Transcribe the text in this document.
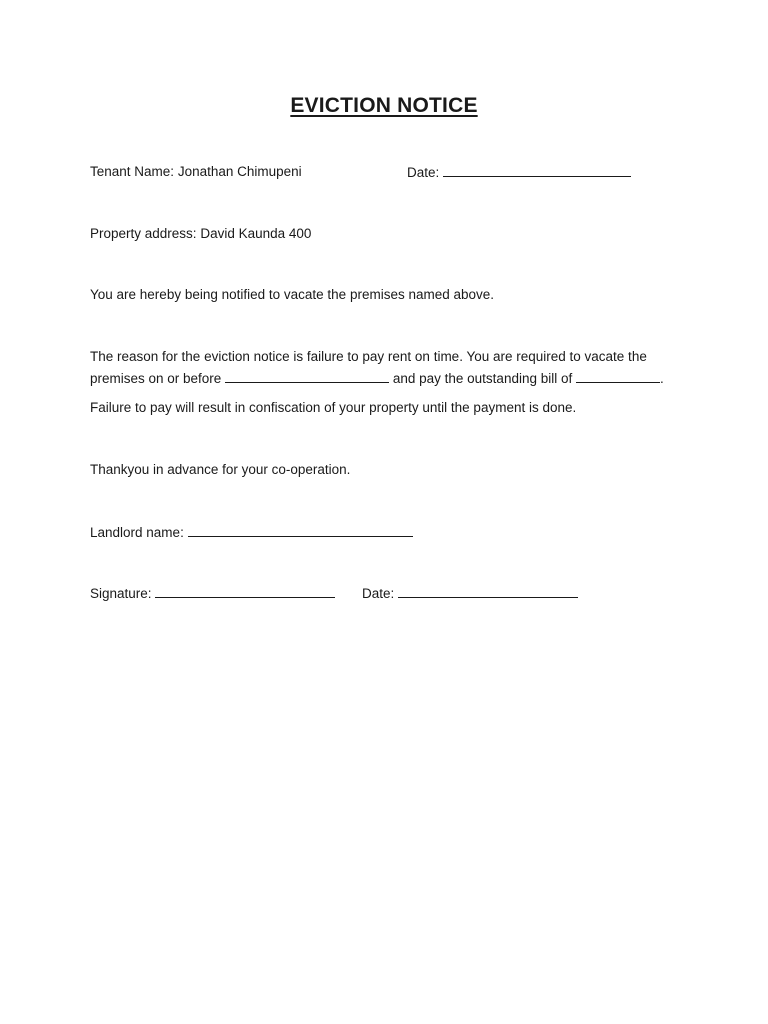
EVICTION NOTICE
Tenant Name: Jonathan Chimupeni	Date:
Property address: David Kaunda 400
You are hereby being notified to vacate the premises named above.
The reason for the eviction notice is failure to pay rent on time. You are required to vacate the
premises on or before	and pay the outstanding bill of	.
Failure to pay will result in confiscation of your property until the payment is done.
Thankyou in advance for your co-operation.
Landlord name:
Signature:	Date:
